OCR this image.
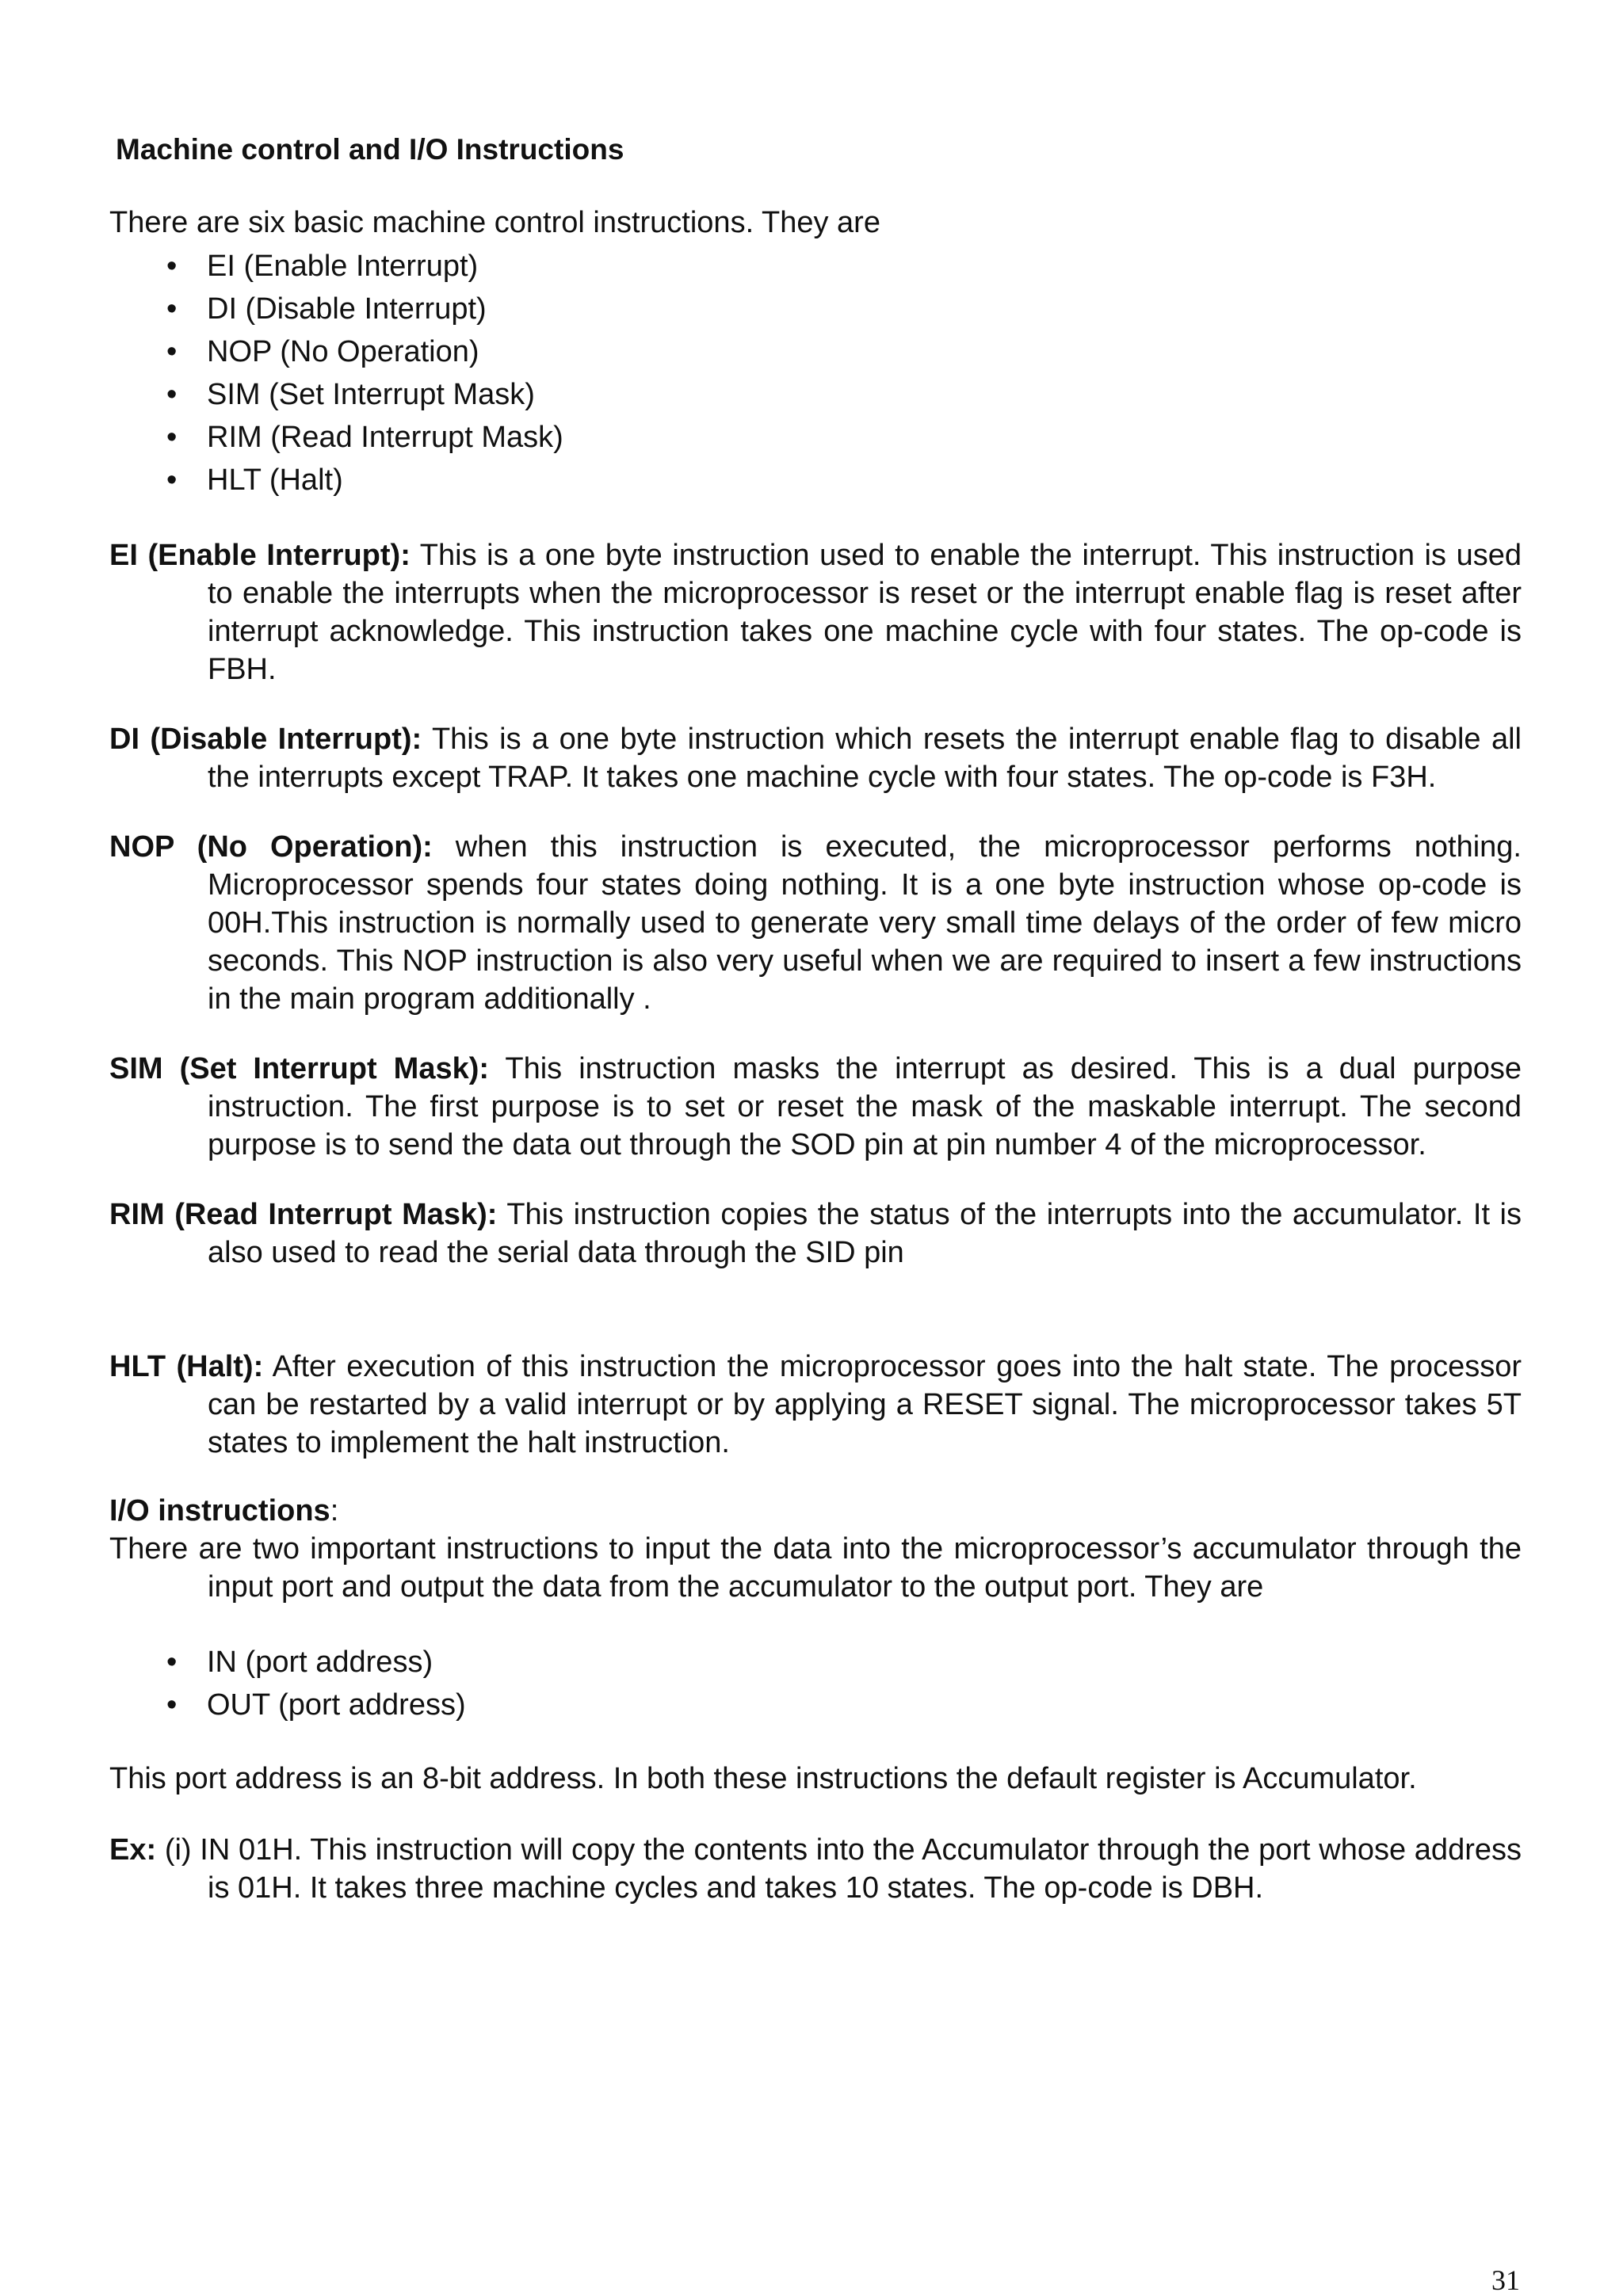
Machine control and I/O Instructions

There are six basic machine control instructions. They are

• EI (Enable Interrupt)
• DI (Disable Interrupt)
• NOP (No Operation)
• SIM (Set Interrupt Mask)
• RIM (Read Interrupt Mask)
• HLT (Halt)

EI (Enable Interrupt): This is a one byte instruction used to enable the interrupt. This instruction is used to enable the interrupts when the microprocessor is reset or the interrupt enable flag is reset after interrupt acknowledge. This instruction takes one machine cycle with four states. The op-code is FBH.

DI (Disable Interrupt): This is a one byte instruction which resets the interrupt enable flag to disable all the interrupts except TRAP. It takes one machine cycle with four states. The op-code is F3H.

NOP (No Operation): when this instruction is executed, the microprocessor performs nothing. Microprocessor spends four states doing nothing. It is a one byte instruction whose op-code is 00H.This instruction is normally used to generate very small time delays of the order of few micro seconds. This NOP instruction is also very useful when we are required to insert a few instructions in the main program additionally .

SIM (Set Interrupt Mask): This instruction masks the interrupt as desired. This is a dual purpose instruction. The first purpose is to set or reset the mask of the maskable interrupt. The second purpose is to send the data out through the SOD pin at pin number 4 of the microprocessor.

RIM (Read Interrupt Mask): This instruction copies the status of the interrupts into the accumulator. It is also used to read the serial data through the SID pin

HLT (Halt): After execution of this instruction the microprocessor goes into the halt state. The processor can be restarted by a valid interrupt or by applying a RESET signal. The microprocessor takes 5T states to implement the halt instruction.

I/O instructions:

There are two important instructions to input the data into the microprocessor’s accumulator through the input port and output the data from the accumulator to the output port. They are

• IN (port address)
• OUT (port address)

This port address is an 8-bit address. In both these instructions the default register is Accumulator.

Ex: (i) IN 01H. This instruction will copy the contents into the Accumulator through the port whose address is 01H. It takes three machine cycles and takes 10 states. The op-code is DBH.

31
